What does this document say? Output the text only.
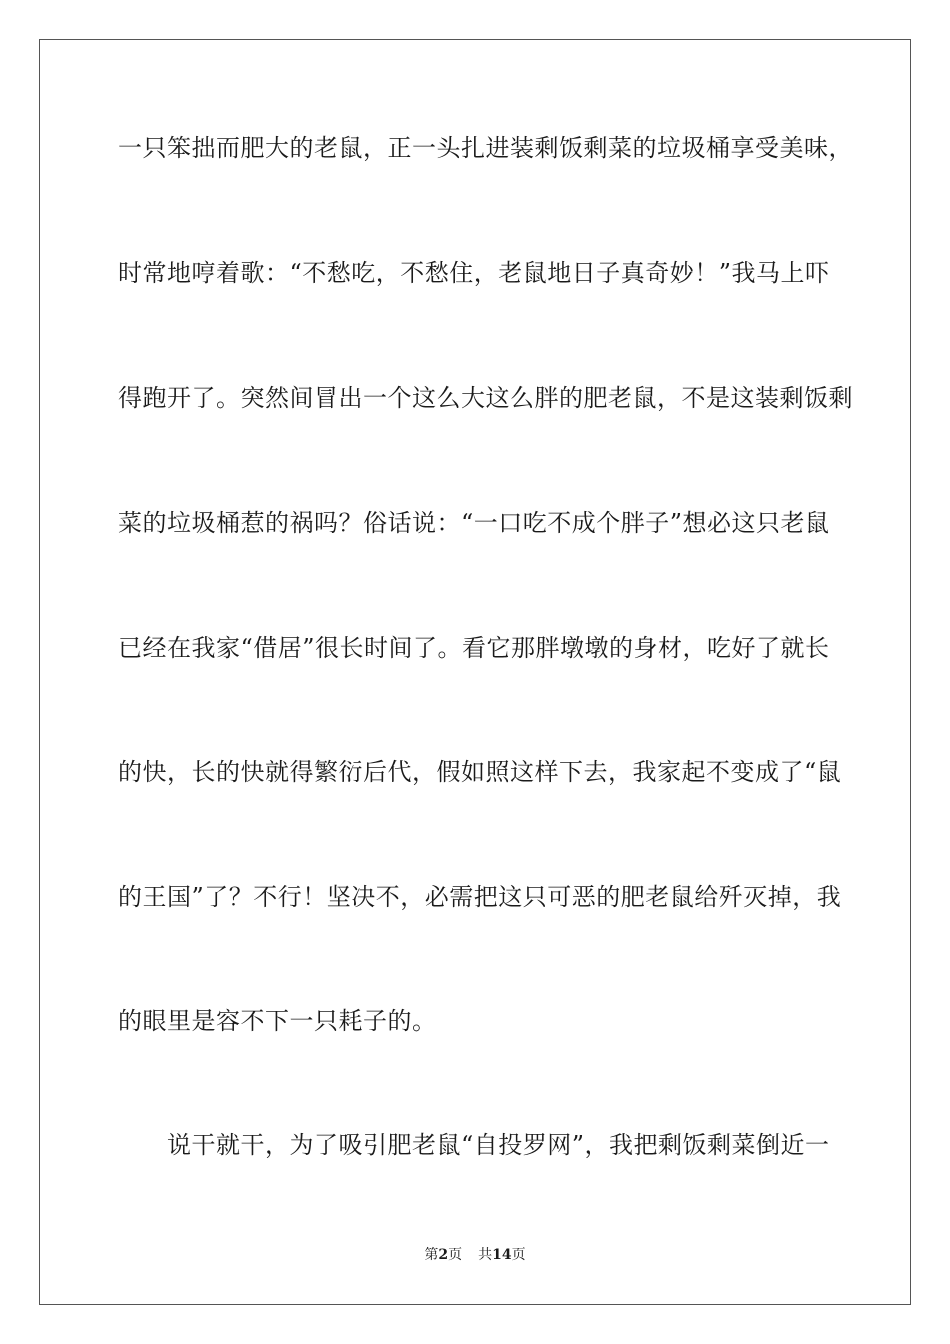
一只笨拙而肥大的老鼠，正一头扎进装剩饭剩菜的垃圾桶享受美味，
时常地哼着歌：“不愁吃，不愁住，老鼠地日子真奇妙！”我马上吓
得跑开了。突然间冒出一个这么大这么胖的肥老鼠，不是这装剩饭剩
菜的垃圾桶惹的祸吗？俗话说：“一口吃不成个胖子”想必这只老鼠
已经在我家“借居”很长时间了。看它那胖墩墩的身材，吃好了就长
的快，长的快就得繁衍后代，假如照这样下去，我家起不变成了“鼠
的王国”了？不行！坚决不，必需把这只可恶的肥老鼠给歼灭掉，我
的眼里是容不下一只耗子的。
　　说干就干，为了吸引肥老鼠“自投罗网”，我把剩饭剩菜倒近一
第2页 共14页
